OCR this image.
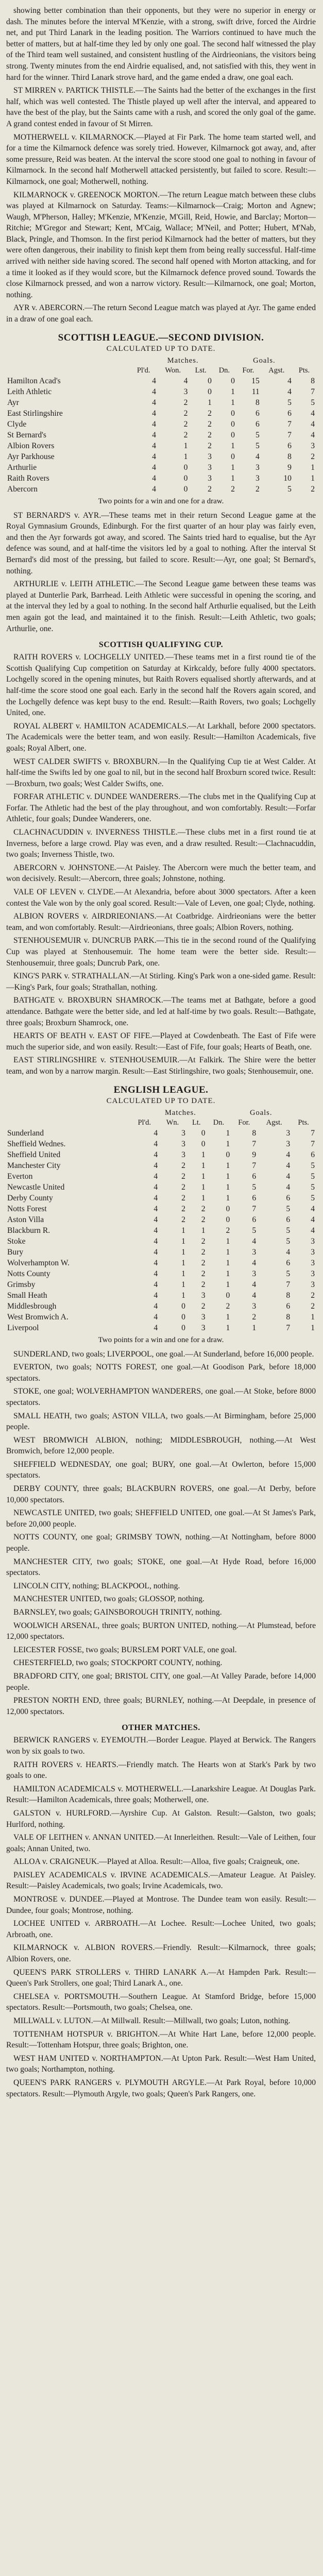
showing better combination than their opponents, but they were no superior in energy or dash. The minutes before the interval M'Kenzie, with a strong, swift drive, forced the Airdrie net, and put Third Lanark in the leading position. The Warriors continued to have much the better of matters, but at half-time they led by only one goal. The second half witnessed the play of the Third team well sustained, and consistent hustling of the Airdrieonians, the visitors being strong. Twenty minutes from the end Airdrie equalised, and, not satisfied with this, they went in hard for the winner. Third Lanark strove hard, and the game ended a draw, one goal each.

ST MIRREN v. PARTICK THISTLE.—The Saints had the better of the exchanges in the first half, which was well contested. The Thistle played up well after the interval, and appeared to have the best of the play, but the Saints came with a rush, and scored the only goal of the game. A grand contest ended in favour of St Mirren.

MOTHERWELL v. KILMARNOCK.—Played at Fir Park. The home team started well, and for a time the Kilmarnock defence was sorely tried. However, Kilmarnock got away, and, after some pressure, Reid was beaten. At the interval the score stood one goal to nothing in favour of Kilmarnock. In the second half Motherwell attacked persistently, but failed to score. Result:—Kilmarnock, one goal; Motherwell, nothing.

KILMARNOCK v. GREENOCK MORTON.—The return League match between these clubs was played at Kilmarnock on Saturday. Teams:—Kilmarnock—Craig; Morton and Agnew; Waugh, M'Pherson, Halley; M'Kenzie, M'Kenzie, M'Gill, Reid, Howie, and Barclay; Morton—Ritchie; M'Gregor and Stewart; Kent, M'Caig, Wallace; M'Neil, and Potter; Hubert, M'Nab, Black, Pringle, and Thomson. In the first period Kilmarnock had the better of matters, but they were often dangerous, their inability to finish kept them from being really successful. Half-time arrived with neither side having scored. The second half opened with Morton attacking, and for a time it looked as if they would score, but the Kilmarnock defence proved sound. Towards the close Kilmarnock pressed, and won a narrow victory. Result:—Kilmarnock, one goal; Morton, nothing.

AYR v. ABERCORN.—The return Second League match was played at Ayr. The game ended in a draw of one goal each.

SCOTTISH LEAGUE.—SECOND DIVISION.
CALCULATED UP TO DATE.
	Matches.				Goals.		
	Pl'd.	Won.	Lst.	Dn.	For.	Agst.	Pts.
Hamilton Acad's	4	4	0	0	15	4	8
Leith Athletic	4	3	0	1	11	4	7
Ayr	4	2	1	1	8	5	5
East Stirlingshire	4	2	2	0	6	6	4
Clyde	4	2	2	0	6	7	4
St Bernard's	4	2	2	0	5	7	4
Albion Rovers	4	1	2	1	5	6	3
Ayr Parkhouse	4	1	3	0	4	8	2
Arthurlie	4	0	3	1	3	9	1
Raith Rovers	4	0	3	1	3	10	1
Abercorn	4	0	2	2	2	5	2
Two points for a win and one for a draw.

ST BERNARD'S v. AYR.—These teams met in their return Second League game at the Royal Gymnasium Grounds, Edinburgh. For the first quarter of an hour play was fairly even, and then the Ayr forwards got away, and scored. The Saints tried hard to equalise, but the Ayr defence was sound, and at half-time the visitors led by a goal to nothing. After the interval St Bernard's did most of the pressing, but failed to score. Result:—Ayr, one goal; St Bernard's, nothing.

ARTHURLIE v. LEITH ATHLETIC.—The Second League game between these teams was played at Dunterlie Park, Barrhead. Leith Athletic were successful in opening the scoring, and at the interval they led by a goal to nothing. In the second half Arthurlie equalised, but the Leith men again got the lead, and maintained it to the finish. Result:—Leith Athletic, two goals; Arthurlie, one.

SCOTTISH QUALIFYING CUP.

RAITH ROVERS v. LOCHGELLY UNITED.—These teams met in a first round tie of the Scottish Qualifying Cup competition on Saturday at Kirkcaldy, before fully 4000 spectators. Lochgelly scored in the opening minutes, but Raith Rovers equalised shortly afterwards, and at half-time the score stood one goal each. Early in the second half the Rovers again scored, and the Lochgelly defence was kept busy to the end. Result:—Raith Rovers, two goals; Lochgelly United, one.

ROYAL ALBERT v. HAMILTON ACADEMICALS.—At Larkhall, before 2000 spectators. The Academicals were the better team, and won easily. Result:—Hamilton Academicals, five goals; Royal Albert, one.

WEST CALDER SWIFTS v. BROXBURN.—In the Qualifying Cup tie at West Calder. At half-time the Swifts led by one goal to nil, but in the second half Broxburn scored twice. Result:—Broxburn, two goals; West Calder Swifts, one.

FORFAR ATHLETIC v. DUNDEE WANDERERS.—The clubs met in the Qualifying Cup at Forfar. The Athletic had the best of the play throughout, and won comfortably. Result:—Forfar Athletic, four goals; Dundee Wanderers, one.

CLACHNACUDDIN v. INVERNESS THISTLE.—These clubs met in a first round tie at Inverness, before a large crowd. Play was even, and a draw resulted. Result:—Clachnacuddin, two goals; Inverness Thistle, two.

ABERCORN v. JOHNSTONE.—At Paisley. The Abercorn were much the better team, and won decisively. Result:—Abercorn, three goals; Johnstone, nothing.

VALE OF LEVEN v. CLYDE.—At Alexandria, before about 3000 spectators. After a keen contest the Vale won by the only goal scored. Result:—Vale of Leven, one goal; Clyde, nothing.

ALBION ROVERS v. AIRDRIEONIANS.—At Coatbridge. Airdrieonians were the better team, and won comfortably. Result:—Airdrieonians, three goals; Albion Rovers, nothing.

STENHOUSEMUIR v. DUNCRUB PARK.—This tie in the second round of the Qualifying Cup was played at Stenhousemuir. The home team were the better side. Result:—Stenhousemuir, three goals; Duncrub Park, one.

KING'S PARK v. STRATHALLAN.—At Stirling. King's Park won a one-sided game. Result:—King's Park, four goals; Strathallan, nothing.

BATHGATE v. BROXBURN SHAMROCK.—The teams met at Bathgate, before a good attendance. Bathgate were the better side, and led at half-time by two goals. Result:—Bathgate, three goals; Broxburn Shamrock, one.

HEARTS OF BEATH v. EAST OF FIFE.—Played at Cowdenbeath. The East of Fife were much the superior side, and won easily. Result:—East of Fife, four goals; Hearts of Beath, one.

EAST STIRLINGSHIRE v. STENHOUSEMUIR.—At Falkirk. The Shire were the better team, and won by a narrow margin. Result:—East Stirlingshire, two goals; Stenhousemuir, one.

ENGLISH LEAGUE.
CALCULATED UP TO DATE.
	Matches.				Goals.		
	Pl'd.	Wn.	Lt.	Dn.	For.	Agst.	Pts.
Sunderland	4	3	0	1	8	3	7
Sheffield Wednes.	4	3	0	1	7	3	7
Sheffield United	4	3	1	0	9	4	6
Manchester City	4	2	1	1	7	4	5
Everton	4	2	1	1	6	4	5
Newcastle United	4	2	1	1	5	4	5
Derby County	4	2	1	1	6	6	5
Notts Forest	4	2	2	0	7	5	4
Aston Villa	4	2	2	0	6	6	4
Blackburn R.	4	1	1	2	5	5	4
Stoke	4	1	2	1	4	5	3
Bury	4	1	2	1	3	4	3
Wolverhampton W.	4	1	2	1	4	6	3
Notts County	4	1	2	1	3	5	3
Grimsby	4	1	2	1	4	7	3
Small Heath	4	1	3	0	4	8	2
Middlesbrough	4	0	2	2	3	6	2
West Bromwich A.	4	0	3	1	2	8	1
Liverpool	4	0	3	1	1	7	1
Two points for a win and one for a draw.

SUNDERLAND, two goals; LIVERPOOL, one goal.—At Sunderland, before 16,000 people.

EVERTON, two goals; NOTTS FOREST, one goal.—At Goodison Park, before 18,000 spectators.

STOKE, one goal; WOLVERHAMPTON WANDERERS, one goal.—At Stoke, before 8000 spectators.

SMALL HEATH, two goals; ASTON VILLA, two goals.—At Birmingham, before 25,000 people.

WEST BROMWICH ALBION, nothing; MIDDLESBROUGH, nothing.—At West Bromwich, before 12,000 people.

SHEFFIELD WEDNESDAY, one goal; BURY, one goal.—At Owlerton, before 15,000 spectators.

DERBY COUNTY, three goals; BLACKBURN ROVERS, one goal.—At Derby, before 10,000 spectators.

NEWCASTLE UNITED, two goals; SHEFFIELD UNITED, one goal.—At St James's Park, before 20,000 people.

NOTTS COUNTY, one goal; GRIMSBY TOWN, nothing.—At Nottingham, before 8000 people.

MANCHESTER CITY, two goals; STOKE, one goal.—At Hyde Road, before 16,000 spectators.

LINCOLN CITY, nothing; BLACKPOOL, nothing.

MANCHESTER UNITED, two goals; GLOSSOP, nothing.

BARNSLEY, two goals; GAINSBOROUGH TRINITY, nothing.

WOOLWICH ARSENAL, three goals; BURTON UNITED, nothing.—At Plumstead, before 12,000 spectators.

LEICESTER FOSSE, two goals; BURSLEM PORT VALE, one goal.

CHESTERFIELD, two goals; STOCKPORT COUNTY, nothing.

BRADFORD CITY, one goal; BRISTOL CITY, one goal.—At Valley Parade, before 14,000 people.

PRESTON NORTH END, three goals; BURNLEY, nothing.—At Deepdale, in presence of 12,000 spectators.

OTHER MATCHES.

BERWICK RANGERS v. EYEMOUTH.—Border League. Played at Berwick. The Rangers won by six goals to two.

RAITH ROVERS v. HEARTS.—Friendly match. The Hearts won at Stark's Park by two goals to one.

HAMILTON ACADEMICALS v. MOTHERWELL.—Lanarkshire League. At Douglas Park. Result:—Hamilton Academicals, three goals; Motherwell, one.

GALSTON v. HURLFORD.—Ayrshire Cup. At Galston. Result:—Galston, two goals; Hurlford, nothing.

VALE OF LEITHEN v. ANNAN UNITED.—At Innerleithen. Result:—Vale of Leithen, four goals; Annan United, two.

ALLOA v. CRAIGNEUK.—Played at Alloa. Result:—Alloa, five goals; Craigneuk, one.

PAISLEY ACADEMICALS v. IRVINE ACADEMICALS.—Amateur League. At Paisley. Result:—Paisley Academicals, two goals; Irvine Academicals, two.

MONTROSE v. DUNDEE.—Played at Montrose. The Dundee team won easily. Result:—Dundee, four goals; Montrose, nothing.

LOCHEE UNITED v. ARBROATH.—At Lochee. Result:—Lochee United, two goals; Arbroath, one.

KILMARNOCK v. ALBION ROVERS.—Friendly. Result:—Kilmarnock, three goals; Albion Rovers, one.

QUEEN'S PARK STROLLERS v. THIRD LANARK A.—At Hampden Park. Result:—Queen's Park Strollers, one goal; Third Lanark A., one.

CHELSEA v. PORTSMOUTH.—Southern League. At Stamford Bridge, before 15,000 spectators. Result:—Portsmouth, two goals; Chelsea, one.

MILLWALL v. LUTON.—At Millwall. Result:—Millwall, two goals; Luton, nothing.

TOTTENHAM HOTSPUR v. BRIGHTON.—At White Hart Lane, before 12,000 people. Result:—Tottenham Hotspur, three goals; Brighton, one.

WEST HAM UNITED v. NORTHAMPTON.—At Upton Park. Result:—West Ham United, two goals; Northampton, nothing.

QUEEN'S PARK RANGERS v. PLYMOUTH ARGYLE.—At Park Royal, before 10,000 spectators. Result:—Plymouth Argyle, two goals; Queen's Park Rangers, one.
